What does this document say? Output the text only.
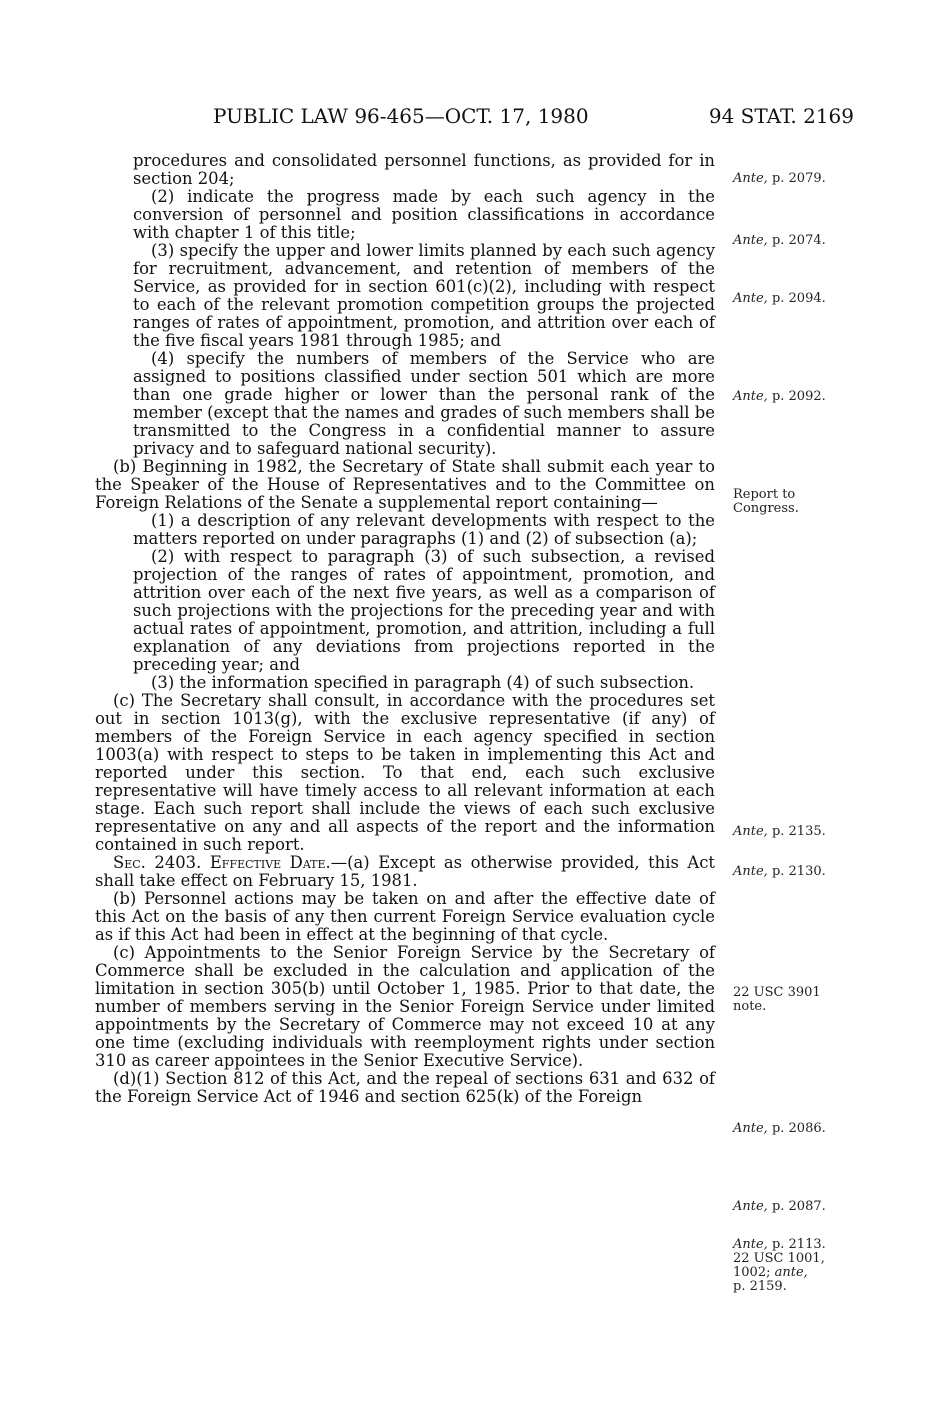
PUBLIC LAW 96-465—OCT. 17, 1980	94 STAT. 2169

procedures and consolidated personnel functions, as provided for in section 204;

(2) indicate the progress made by each such agency in the conversion of personnel and position classifications in accordance with chapter 1 of this title;

(3) specify the upper and lower limits planned by each such agency for recruitment, advancement, and retention of members of the Service, as provided for in section 601(c)(2), including with respect to each of the relevant promotion competition groups the projected ranges of rates of appointment, promotion, and attrition over each of the five fiscal years 1981 through 1985; and

(4) specify the numbers of members of the Service who are assigned to positions classified under section 501 which are more than one grade higher or lower than the personal rank of the member (except that the names and grades of such members shall be transmitted to the Congress in a confidential manner to assure privacy and to safeguard national security).

(b) Beginning in 1982, the Secretary of State shall submit each year to the Speaker of the House of Representatives and to the Committee on Foreign Relations of the Senate a supplemental report containing—

(1) a description of any relevant developments with respect to the matters reported on under paragraphs (1) and (2) of subsection (a);

(2) with respect to paragraph (3) of such subsection, a revised projection of the ranges of rates of appointment, promotion, and attrition over each of the next five years, as well as a comparison of such projections with the projections for the preceding year and with actual rates of appointment, promotion, and attrition, including a full explanation of any deviations from projections reported in the preceding year; and

(3) the information specified in paragraph (4) of such subsection.

(c) The Secretary shall consult, in accordance with the procedures set out in section 1013(g), with the exclusive representative (if any) of members of the Foreign Service in each agency specified in section 1003(a) with respect to steps to be taken in implementing this Act and reported under this section. To that end, each such exclusive representative will have timely access to all relevant information at each stage. Each such report shall include the views of each such exclusive representative on any and all aspects of the report and the information contained in such report.

Sec. 2403. Effective Date.—(a) Except as otherwise provided, this Act shall take effect on February 15, 1981.

(b) Personnel actions may be taken on and after the effective date of this Act on the basis of any then current Foreign Service evaluation cycle as if this Act had been in effect at the beginning of that cycle.

(c) Appointments to the Senior Foreign Service by the Secretary of Commerce shall be excluded in the calculation and application of the limitation in section 305(b) until October 1, 1985. Prior to that date, the number of members serving in the Senior Foreign Service under limited appointments by the Secretary of Commerce may not exceed 10 at any one time (excluding individuals with reemployment rights under section 310 as career appointees in the Senior Executive Service).

(d)(1) Section 812 of this Act, and the repeal of sections 631 and 632 of the Foreign Service Act of 1946 and section 625(k) of the Foreign

Ante, p. 2079.
Ante, p. 2074.
Ante, p. 2094.
Ante, p. 2092.
Report to
Congress.
Ante, p. 2135.
Ante, p. 2130.
22 USC 3901
note.
Ante, p. 2086.
Ante, p. 2087.
Ante, p. 2113.
22 USC 1001,
1002; ante,
p. 2159.
